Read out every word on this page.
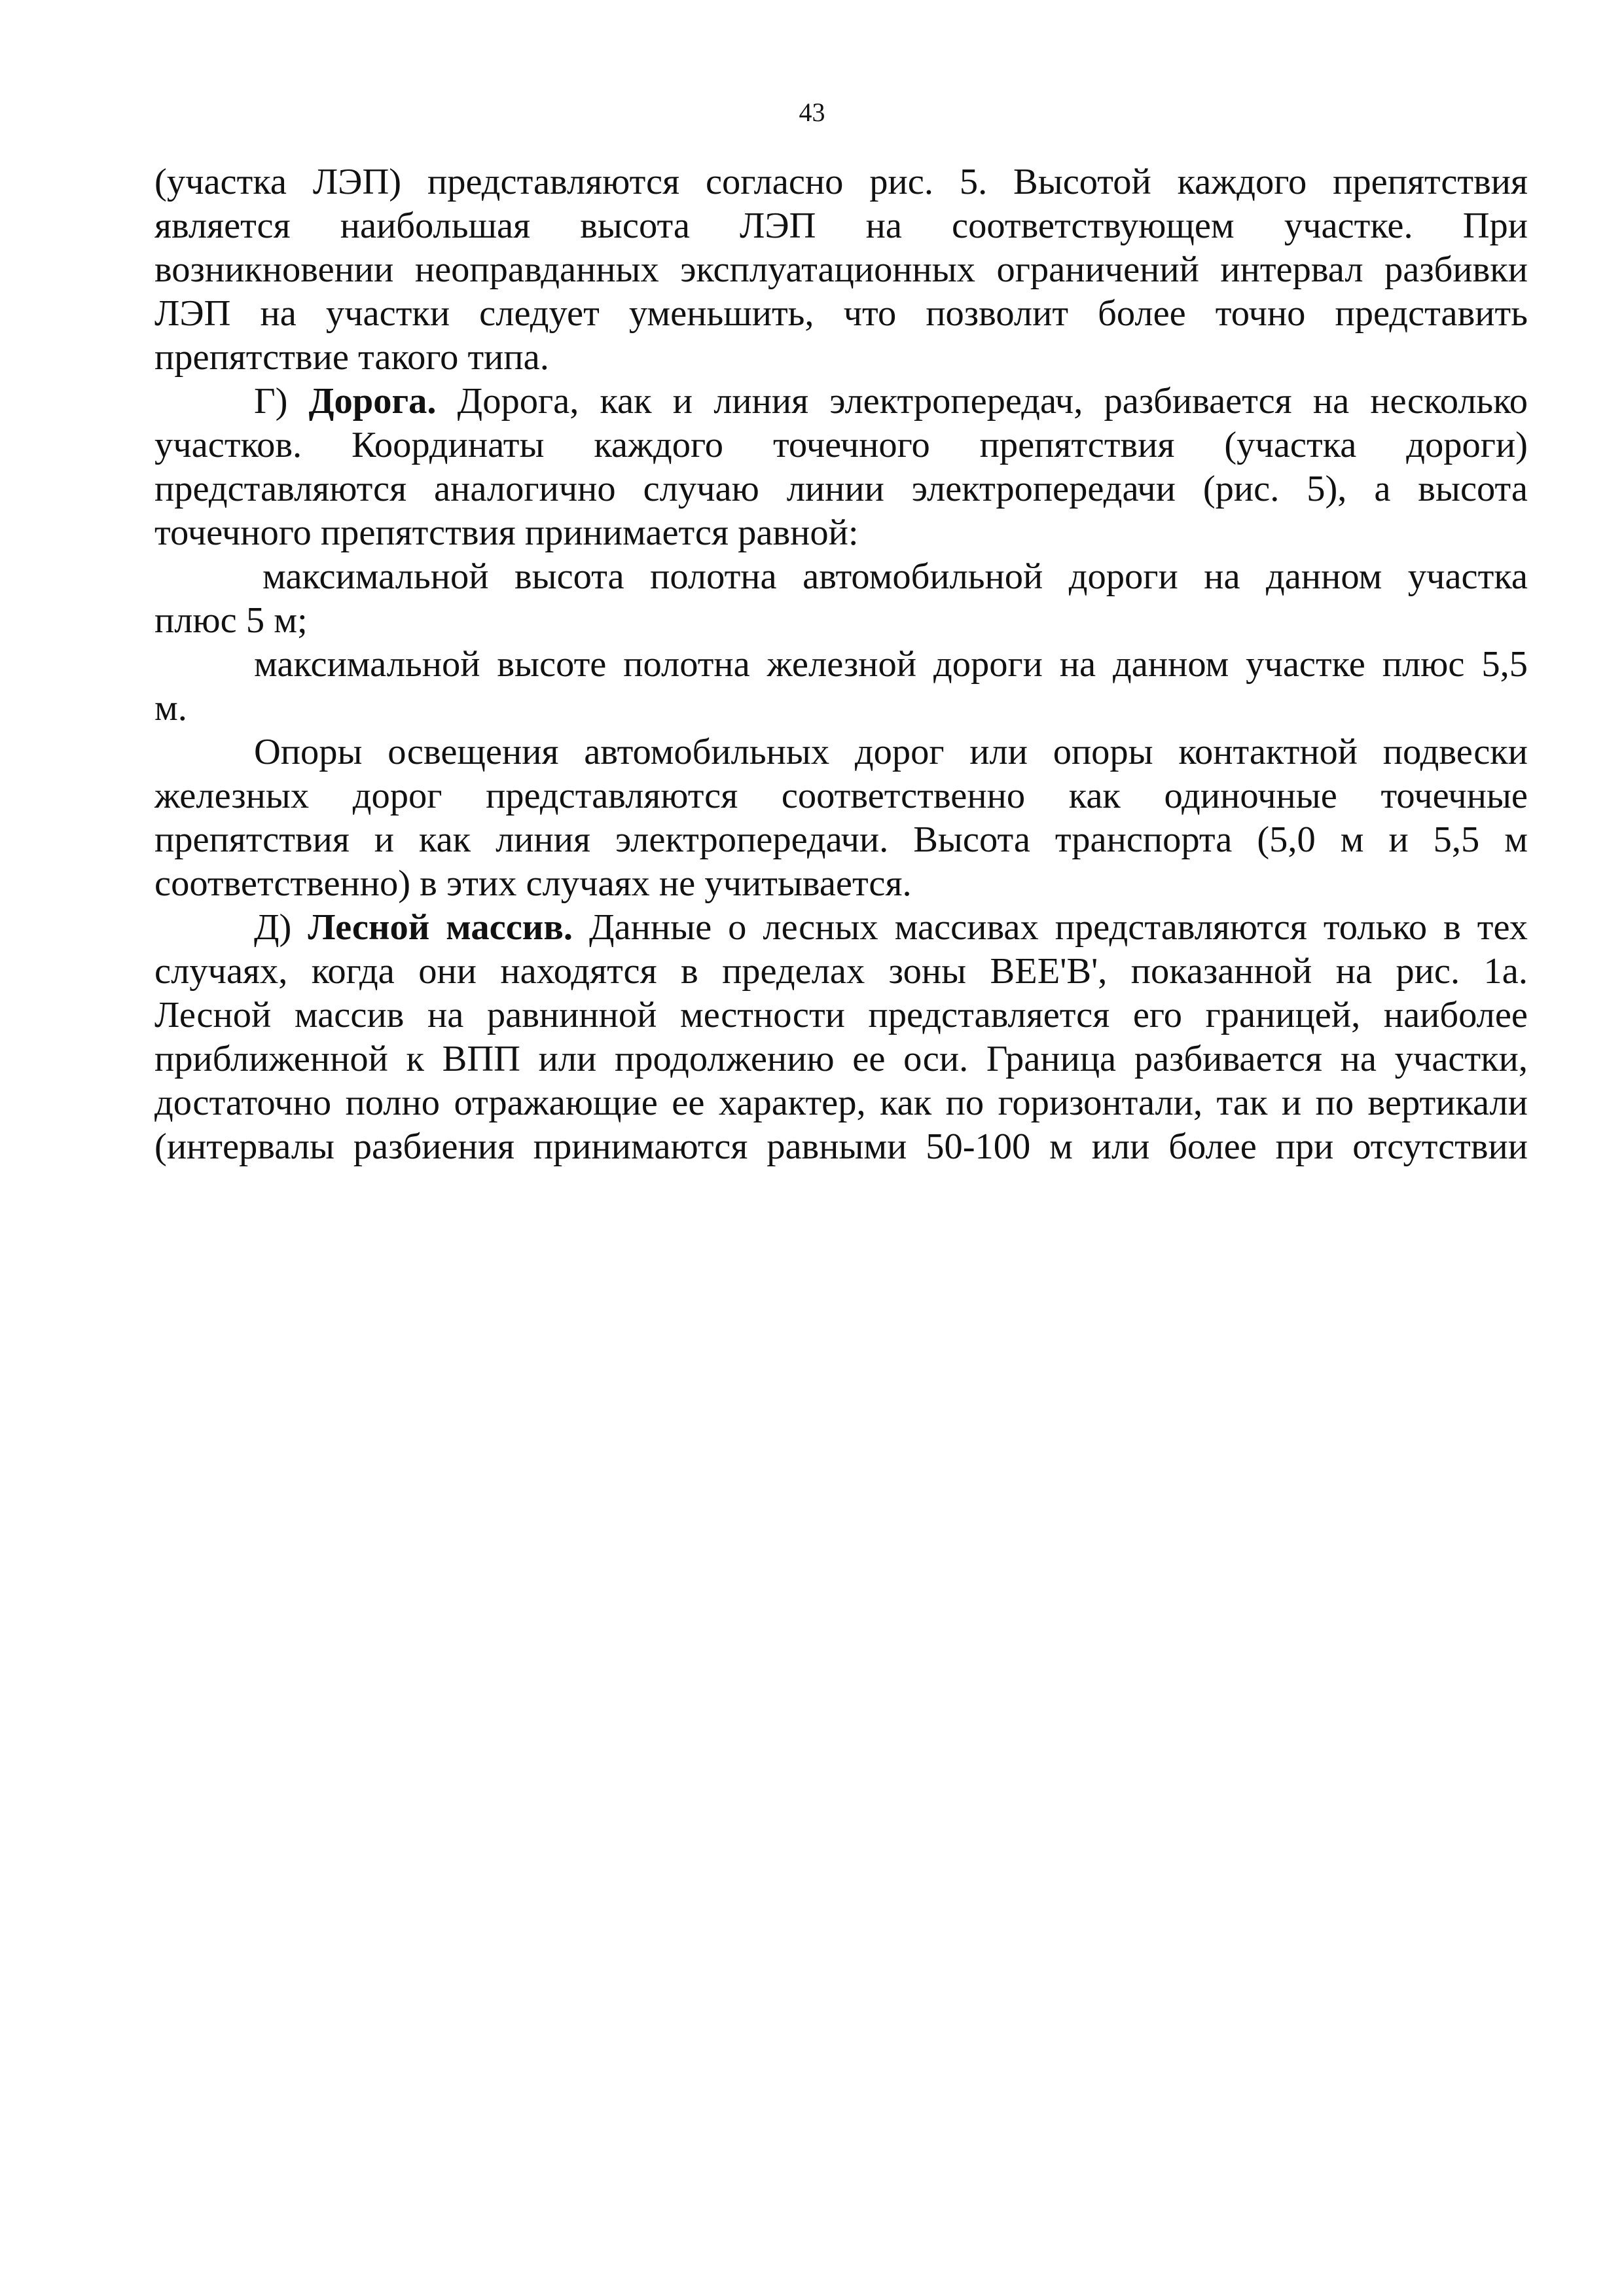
43
(участка ЛЭП) представляются согласно рис. 5. Высотой каждого препятствия
является наибольшая высота ЛЭП на соответствующем участке. При
возникновении неоправданных эксплуатационных ограничений интервал разбивки
ЛЭП на участки следует уменьшить, что позволит более точно представить
препятствие такого типа.
Г) Дорога. Дорога, как и линия электропередач, разбивается на несколько
участков. Координаты каждого точечного препятствия (участка дороги)
представляются аналогично случаю линии электропередачи (рис. 5), а высота
точечного препятствия принимается равной:
максимальной высота полотна автомобильной дороги на данном участка
плюс 5 м;
максимальной высоте полотна железной дороги на данном участке плюс 5,5
м.
Опоры освещения автомобильных дорог или опоры контактной подвески
железных дорог представляются соответственно как одиночные точечные
препятствия и как линия электропередачи. Высота транспорта (5,0 м и 5,5 м
соответственно) в этих случаях не учитывается.
Д) Лесной массив. Данные о лесных массивах представляются только в тех
случаях, когда они находятся в пределах зоны ВЕЕ'В', показанной на рис. 1а.
Лесной массив на равнинной местности представляется его границей, наиболее
приближенной к ВПП или продолжению ее оси. Граница разбивается на участки,
достаточно полно отражающие ее характер, как по горизонтали, так и по вертикали
(интервалы разбиения принимаются равными 50-100 м или более при отсутствии
